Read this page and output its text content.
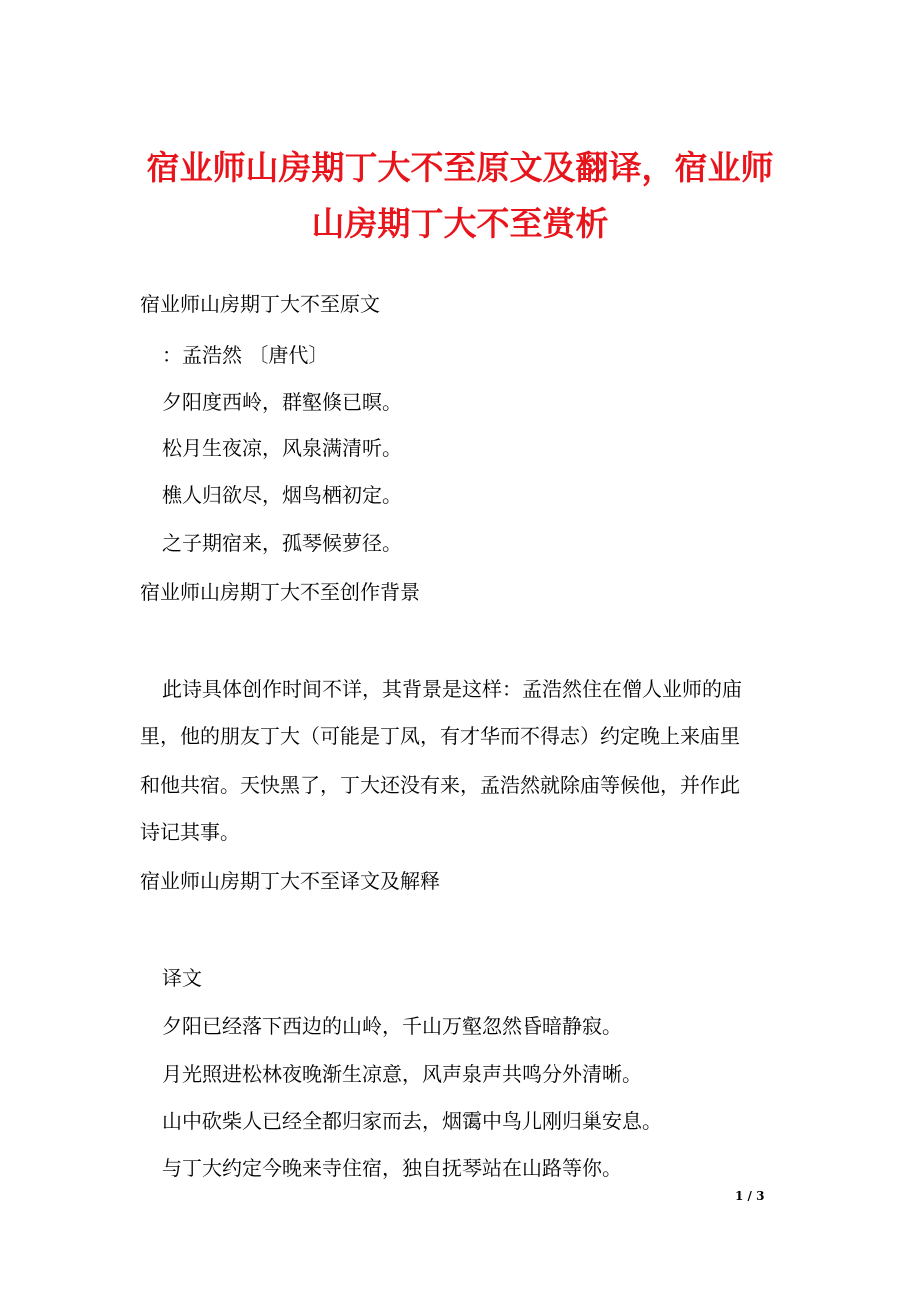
宿业师山房期丁大不至原文及翻译，宿业师
山房期丁大不至赏析
宿业师山房期丁大不至原文
：孟浩然 〔唐代〕
夕阳度西岭，群壑倏已暝。
松月生夜凉，风泉满清听。
樵人归欲尽，烟鸟栖初定。
之子期宿来，孤琴候萝径。
宿业师山房期丁大不至创作背景
此诗具体创作时间不详，其背景是这样：孟浩然住在僧人业师的庙
里，他的朋友丁大（可能是丁凤，有才华而不得志）约定晚上来庙里
和他共宿。天快黑了，丁大还没有来，孟浩然就除庙等候他，并作此
诗记其事。
宿业师山房期丁大不至译文及解释
译文
夕阳已经落下西边的山岭，千山万壑忽然昏暗静寂。
月光照进松林夜晚渐生凉意，风声泉声共鸣分外清晰。
山中砍柴人已经全都归家而去，烟霭中鸟儿刚归巢安息。
与丁大约定今晚来寺住宿，独自抚琴站在山路等你。
1 / 3
